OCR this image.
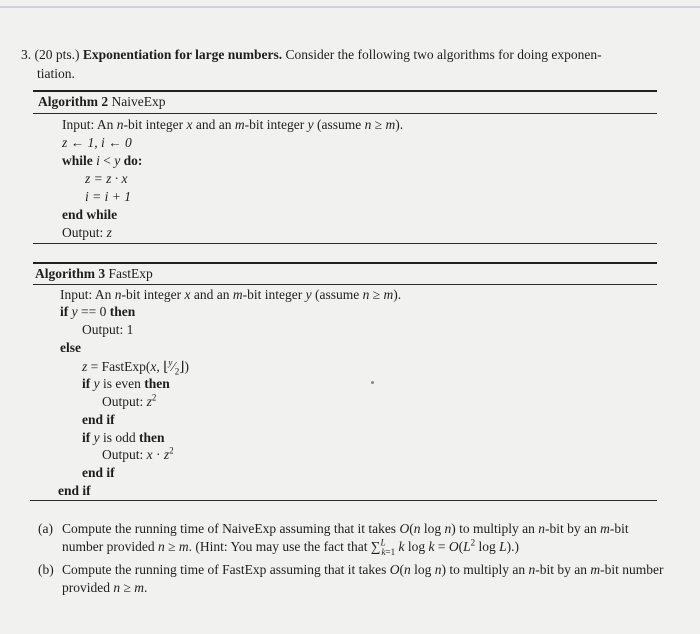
3. (20 pts.) Exponentiation for large numbers. Consider the following two algorithms for doing exponen-
tiation.
Algorithm 2 NaiveExp
Input: An n-bit integer x and an m-bit integer y (assume n ≥ m).
z ← 1, i ← 0
while i < y do:
z = z · x
i = i + 1
end while
Output: z
Algorithm 3 FastExp
Input: An n-bit integer x and an m-bit integer y (assume n ≥ m).
if y == 0 then
Output: 1
else
z = FastExp(x, $⌊^y⁄_2⌋$)
if y is even then
Output: $z^2$
end if
if y is odd then
Output: $x \cdot z^2$
end if
end if
(a) Compute the running time of NaiveExp assuming that it takes O(n log n) to multiply an n-bit by an m-bit number provided n ≥ m. (Hint: You may use the fact that ∑$^L_{k=1}$ k $\log k = O(L^2$ log L).)
(b) Compute the running time of FastExp assuming that it takes O(n log n) to multiply an n-bit by an m-bit number provided n ≥ m.
